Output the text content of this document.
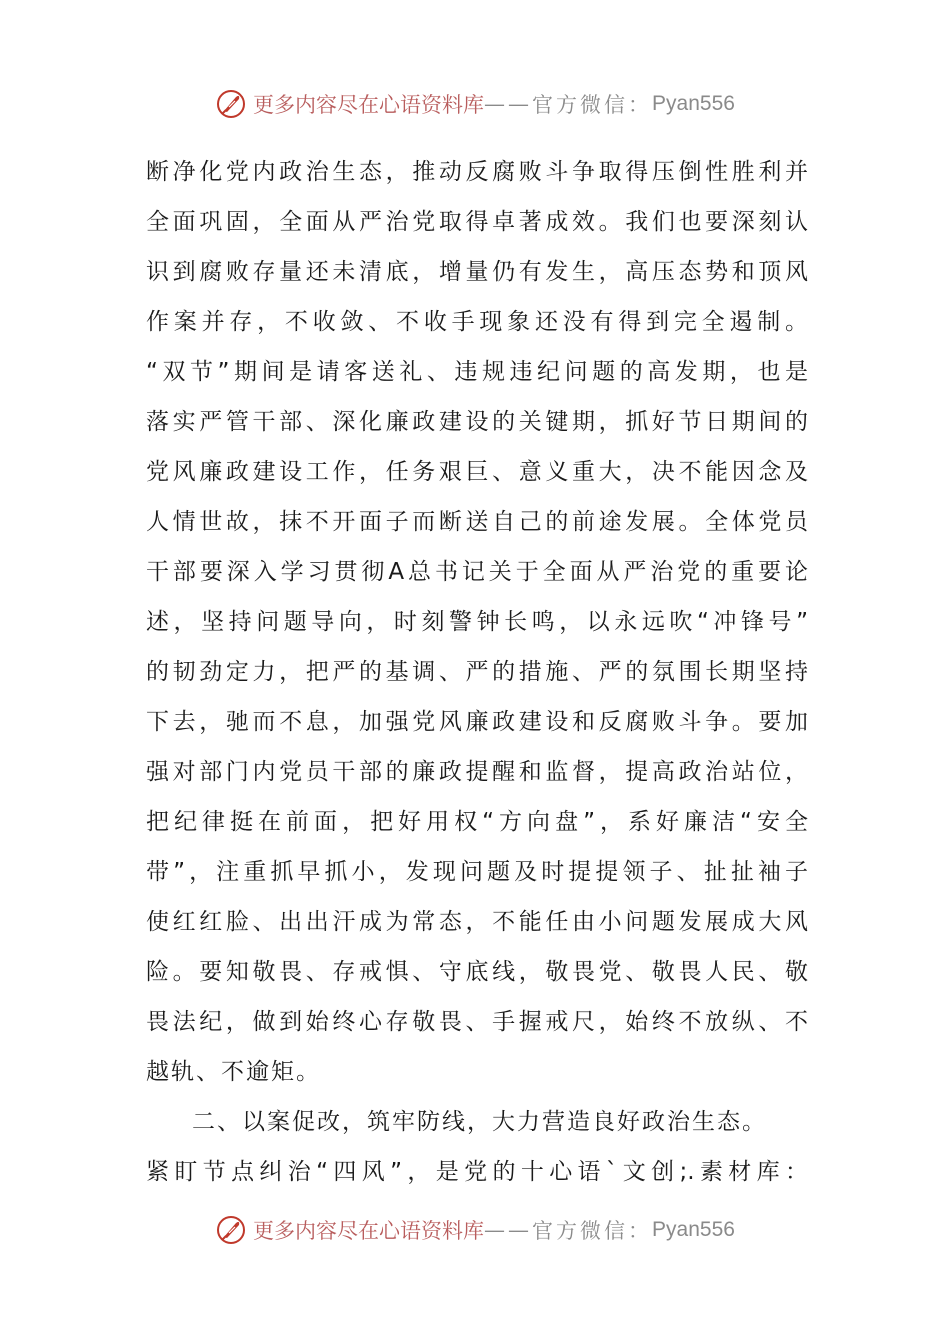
更多内容尽在心语资料库 —— 官方微信： Pyan556
断净化党内政治生态，推动反腐败斗争取得压倒性胜利并
全面巩固，全面从严治党取得卓著成效。我们也要深刻认
识到腐败存量还未清底，增量仍有发生，高压态势和顶风
作案并存，不收敛、不收手现象还没有得到完全遏制。
“双节”期间是请客送礼、违规违纪问题的高发期，也是
落实严管干部、深化廉政建设的关键期，抓好节日期间的
党风廉政建设工作，任务艰巨、意义重大，决不能因念及
人情世故，抹不开面子而断送自己的前途发展。全体党员
干部要深入学习贯彻A总书记关于全面从严治党的重要论
述，坚持问题导向，时刻警钟长鸣，以永远吹“冲锋号”
的韧劲定力，把严的基调、严的措施、严的氛围长期坚持
下去，驰而不息，加强党风廉政建设和反腐败斗争。要加
强对部门内党员干部的廉政提醒和监督，提高政治站位，
把纪律挺在前面，把好用权“方向盘”，系好廉洁“安全
带”，注重抓早抓小，发现问题及时提提领子、扯扯袖子
使红红脸、出出汗成为常态，不能任由小问题发展成大风
险。要知敬畏、存戒惧、守底线，敬畏党、敬畏人民、敬
畏法纪，做到始终心存敬畏、手握戒尺，始终不放纵、不
越轨、不逾矩。
二、以案促改，筑牢防线，大力营造良好政治生态。
紧盯节点纠治“四风”，是党的十心语`文创;.素材库：
更多内容尽在心语资料库 —— 官方微信： Pyan556
